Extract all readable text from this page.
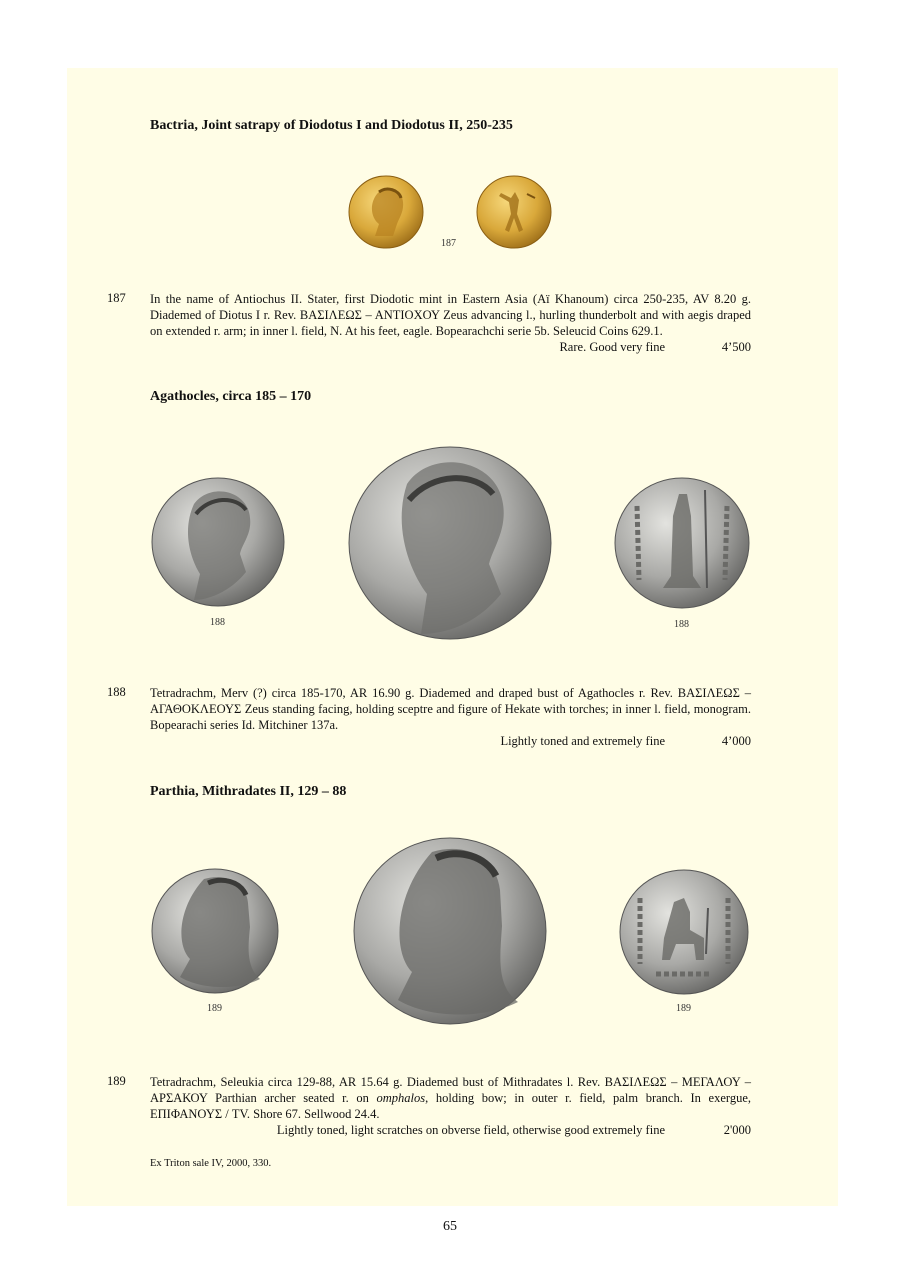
Bactria, Joint satrapy of Diodotus I and Diodotus II, 250-235
187
187 In the name of Antiochus II. Stater, first Diodotic mint in Eastern Asia (Aï Khanoum) circa 250-235, AV 8.20 g. Diademed of Diotus I r. Rev. ΒΑΣΙΛΕΩΣ – ΑΝΤΙΟΧΟΥ Zeus advancing l., hurling thunderbolt and with aegis draped on extended r. arm; in inner l. field, N. At his feet, eagle. Bopearachchi serie 5b. Seleucid Coins 629.1.

Rare. Good very fine	4’500
Agathocles, circa 185 – 170
188	188
188 Tetradrachm, Merv (?) circa 185-170, AR 16.90 g. Diademed and draped bust of Agathocles r. Rev. ΒΑΣΙΛΕΩΣ – ΑΓΑΘΟΚΛΕΟΥΣ Zeus standing facing, holding sceptre and figure of Hekate with torches; in inner l. field, monogram. Bopearachi series Id. Mitchiner 137a.

Lightly toned and extremely fine	4’000
Parthia, Mithradates II, 129 – 88
189	189
189 Tetradrachm, Seleukia circa 129-88, AR 15.64 g. Diademed bust of Mithradates l. Rev. ΒΑΣΙΛΕΩΣ – ΜΕΓΑΛΟΥ – ΑΡΣΑΚΟΥ Parthian archer seated r. on omphalos, holding bow; in outer r. field, palm branch. In exergue, ΕΠΙΦΑΝΟΥΣ / TV. Shore 67. Sellwood 24.4.

Lightly toned, light scratches on obverse field, otherwise good extremely fine	2'000
Ex Triton sale IV, 2000, 330.
65
